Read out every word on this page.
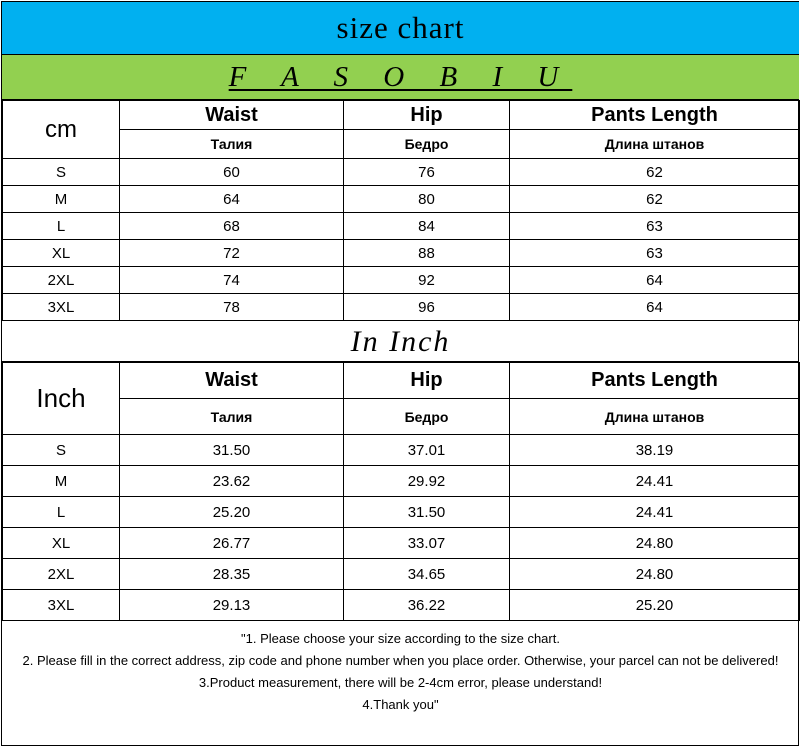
size chart
F A S O B I U
cm	Waist	Hip	Pants Length
	Талия	Бедро	Длина штанов
S	60	76	62
M	64	80	62
L	68	84	63
XL	72	88	63
2XL	74	92	64
3XL	78	96	64
In Inch
Inch	Waist	Hip	Pants Length
	Талия	Бедро	Длина штанов
S	31.50	37.01	38.19
M	23.62	29.92	24.41
L	25.20	31.50	24.41
XL	26.77	33.07	24.80
2XL	28.35	34.65	24.80
3XL	29.13	36.22	25.20
"1. Please choose your size according to the size chart.
2. Please fill in the correct address, zip code and phone number when you place order. Otherwise, your parcel can not be delivered!
3.Product measurement, there will be 2-4cm error, please understand!
4.Thank you"
